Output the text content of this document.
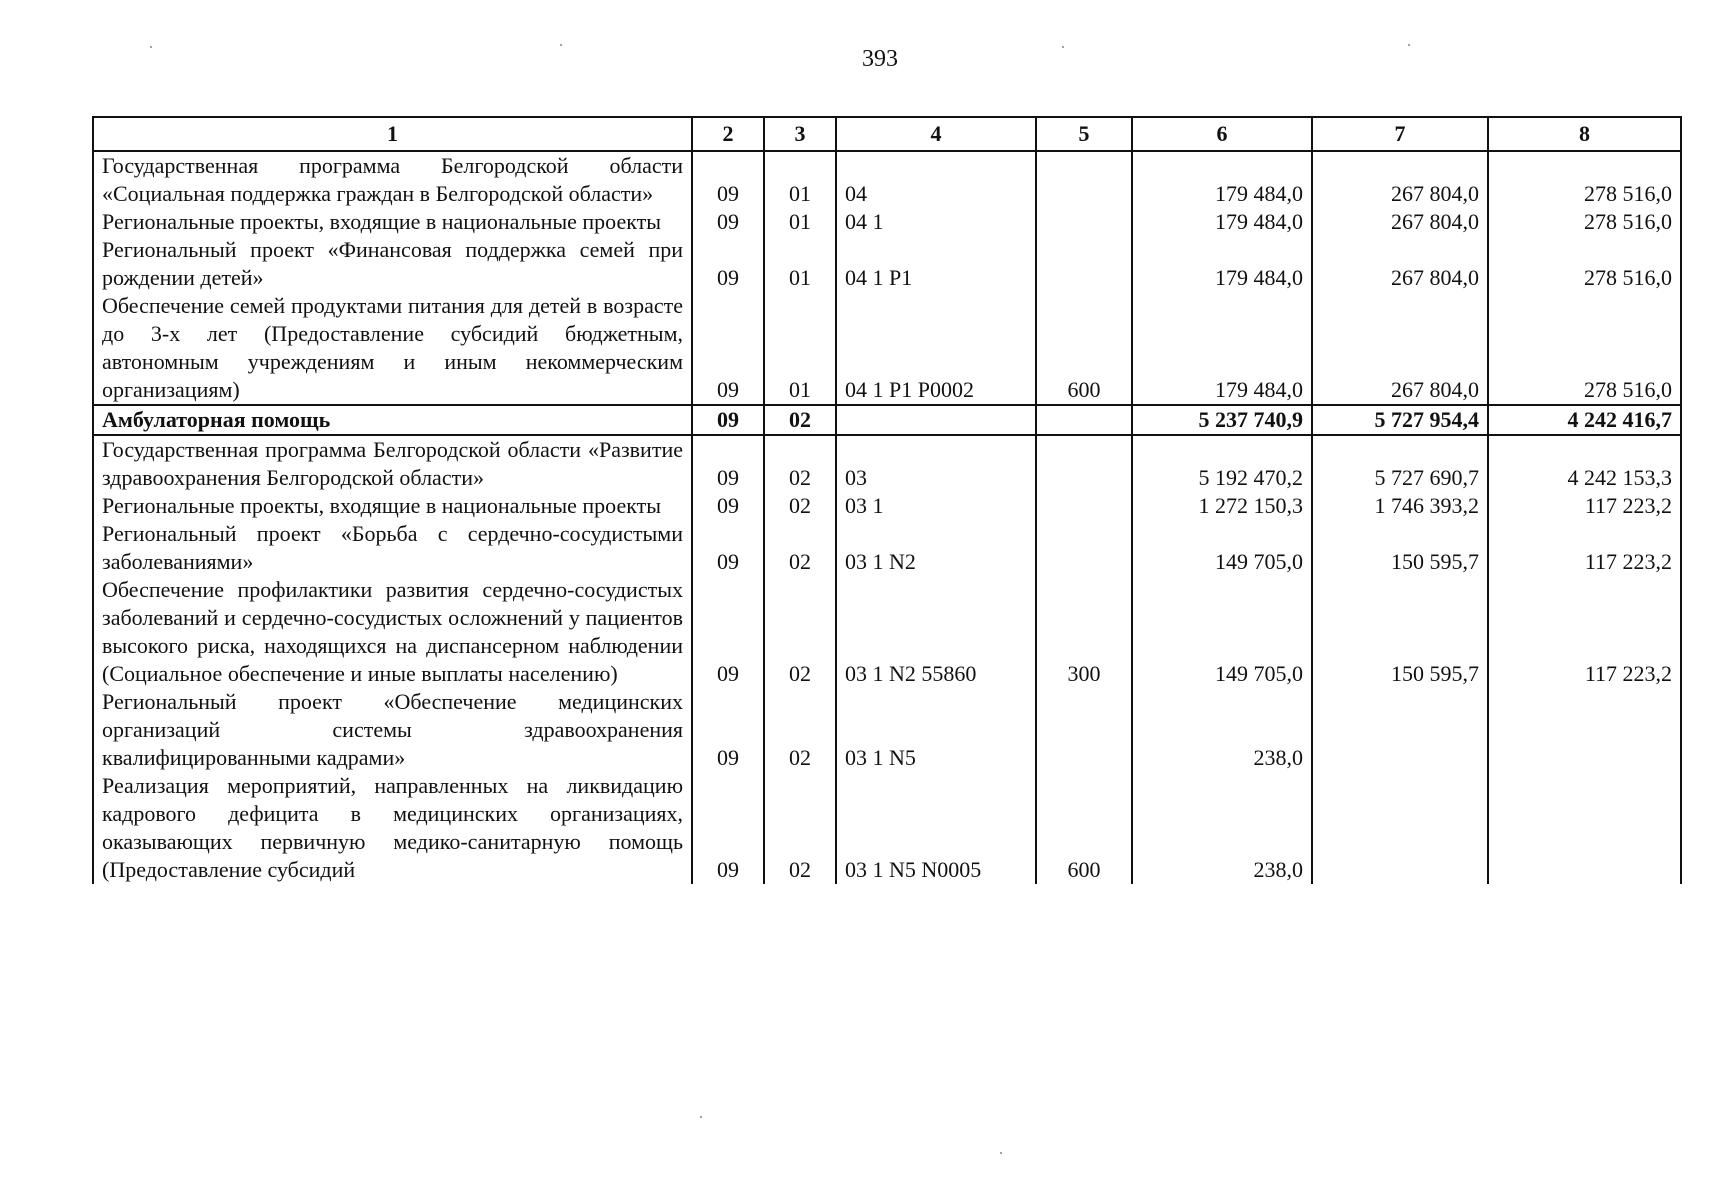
393
1	2	3	4	5	6	7	8
Государственная программа Белгородской области «Социальная поддержка граждан в Белгородской области»	09	01	04		179 484,0	267 804,0	278 516,0
Региональные проекты, входящие в национальные проекты	09	01	04 1		179 484,0	267 804,0	278 516,0
Региональный проект «Финансовая поддержка семей при рождении детей»	09	01	04 1 P1		179 484,0	267 804,0	278 516,0
Обеспечение семей продуктами питания для детей в возрасте до 3-х лет (Предоставление субсидий бюджетным, автономным учреждениям и иным некоммерческим организациям)	09	01	04 1 P1 P0002	600	179 484,0	267 804,0	278 516,0
Амбулаторная помощь	09	02			5 237 740,9	5 727 954,4	4 242 416,7
Государственная программа Белгородской области «Развитие здравоохранения Белгородской области»	09	02	03		5 192 470,2	5 727 690,7	4 242 153,3
Региональные проекты, входящие в национальные проекты	09	02	03 1		1 272 150,3	1 746 393,2	117 223,2
Региональный проект «Борьба с сердечно-сосудистыми заболеваниями»	09	02	03 1 N2		149 705,0	150 595,7	117 223,2
Обеспечение профилактики развития сердечно-сосудистых заболеваний и сердечно-сосудистых осложнений у пациентов высокого риска, находящихся на диспансерном наблюдении (Социальное обеспечение и иные выплаты населению)	09	02	03 1 N2 55860	300	149 705,0	150 595,7	117 223,2
Региональный проект «Обеспечение медицинских организаций системы здравоохранения квалифицированными кадрами»	09	02	03 1 N5		238,0		
Реализация мероприятий, направленных на ликвидацию кадрового дефицита в медицинских организациях, оказывающих первичную медико-санитарную помощь (Предоставление субсидий	09	02	03 1 N5 N0005	600	238,0		
